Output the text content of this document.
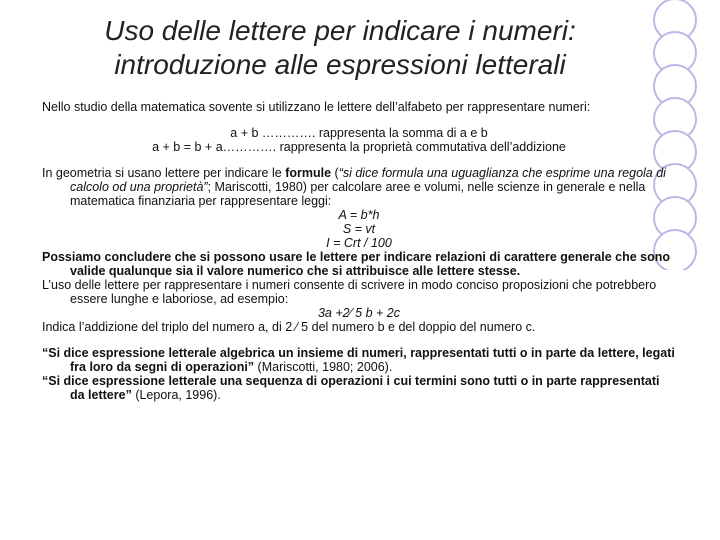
Uso delle lettere per indicare i numeri:
introduzione alle espressioni letterali

Nello studio della matematica sovente si utilizzano le lettere dell’alfabeto per rappresentare numeri:

a + b …………. rappresenta la somma di a e b

a + b = b + a…………. rappresenta la proprietà commutativa dell’addizione

In geometria si usano lettere per indicare le formule (“si dice formula una uguaglianza che esprime una regola di calcolo od una proprietà”; Mariscotti, 1980) per calcolare aree e volumi, nelle scienze in generale e nella matematica finanziaria per rappresentare leggi:

A = b*h

S = vt

I = Crt / 100

Possiamo concludere che si possono usare le lettere per indicare relazioni di carattere generale che sono valide qualunque sia il valore numerico che si attribuisce alle lettere stesse.

L’uso delle lettere per rappresentare i numeri consente di scrivere in modo conciso proposizioni che potrebbero essere lunghe e laboriose, ad esempio:

3a +2⁄ 5 b + 2c

Indica l’addizione del triplo del numero a, di 2 ⁄ 5 del numero b e del doppio del numero c.

“Si dice espressione letterale algebrica un insieme di numeri, rappresentati tutti o in parte da lettere, legati fra loro da segni di operazioni” (Mariscotti, 1980; 2006).

“Si dice espressione letterale una sequenza di operazioni i cui termini sono tutti o in parte rappresentati da lettere” (Lepora, 1996).
